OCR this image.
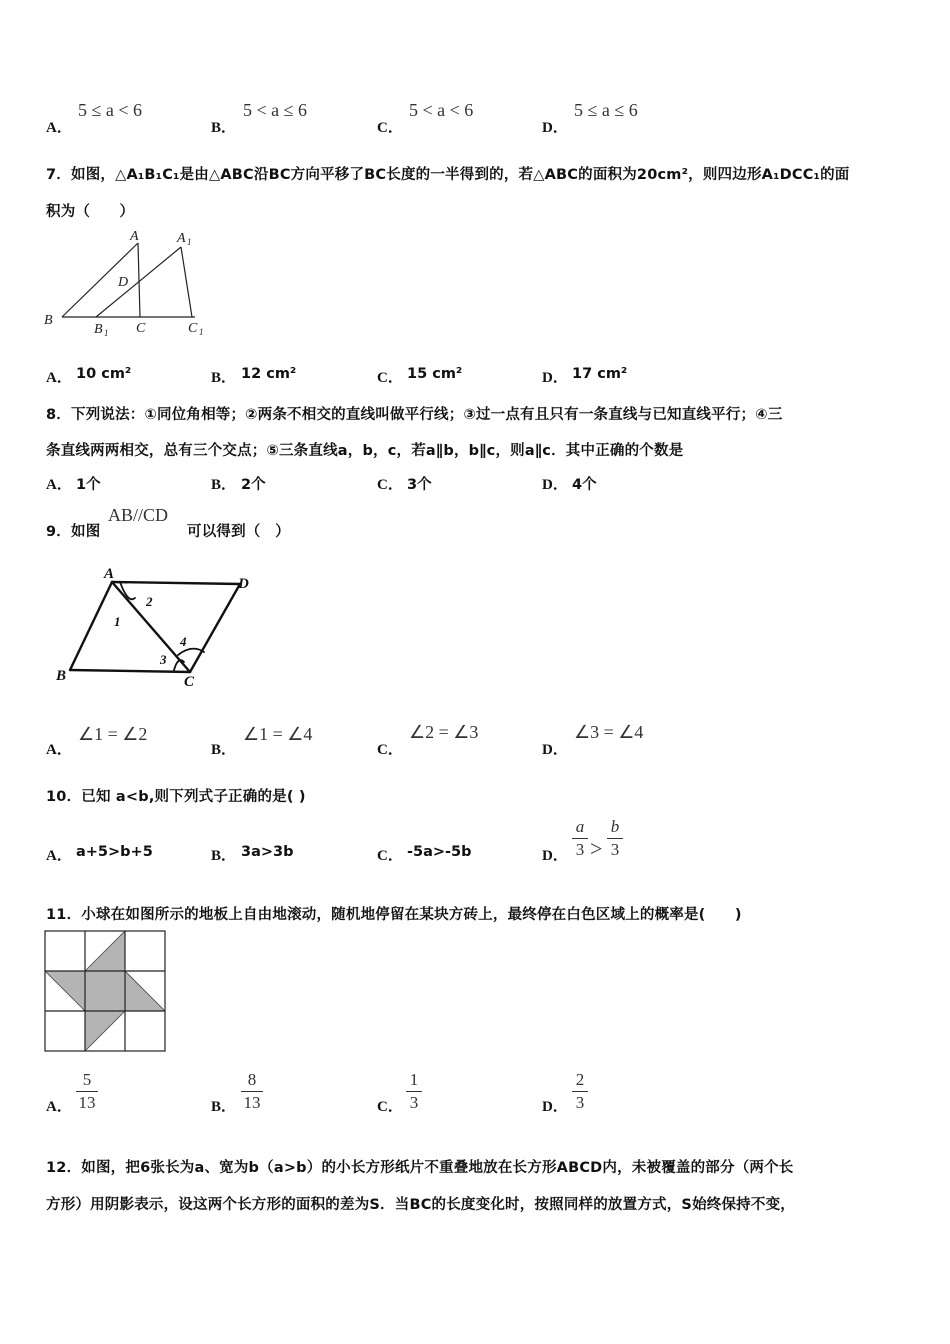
A．
5 ≤ a < 6
B．
5 < a ≤ 6
C．
5 < a < 6
D．
5 ≤ a ≤ 6
7．如图，△A₁B₁C₁是由△ABC沿BC方向平移了BC长度的一半得到的，若△ABC的面积为20cm²，则四边形A₁DCC₁的面
积为（　　）
A	A 1
D
B
B 1 C	C 1
A． 10 cm²	B． 12 cm²	C． 15 cm²	D． 17 cm²
8．下列说法：①同位角相等；②两条不相交的直线叫做平行线；③过一点有且只有一条直线与已知直线平行；④三
条直线两两相交，总有三个交点；⑤三条直线a，b，c，若a∥b，b∥c，则a∥c．其中正确的个数是
A． 1个	B． 2个	C． 3个	D． 4个
9．如图
AB//CD
可以得到（　）
A
D
B	C
1
2
3
4
A．
∠1 = ∠2
B．
∠1 = ∠4
C．
∠2 = ∠3
D．
∠3 = ∠4
10．已知 a<b,则下列式子正确的是( )
A． a+5>b+5	B． 3a>3b	C． -5a>-5b	D．
a
3 >
b
3
11．小球在如图所示的地板上自由地滚动，随机地停留在某块方砖上，最终停在白色区域上的概率是(　　)
A．
5
13	B．
8
13	C．
1
3	D．
2
3
12．如图，把6张长为a、宽为b（a>b）的小长方形纸片不重叠地放在长方形ABCD内，未被覆盖的部分（两个长
方形）用阴影表示，设这两个长方形的面积的差为S．当BC的长度变化时，按照同样的放置方式，S始终保持不变，
